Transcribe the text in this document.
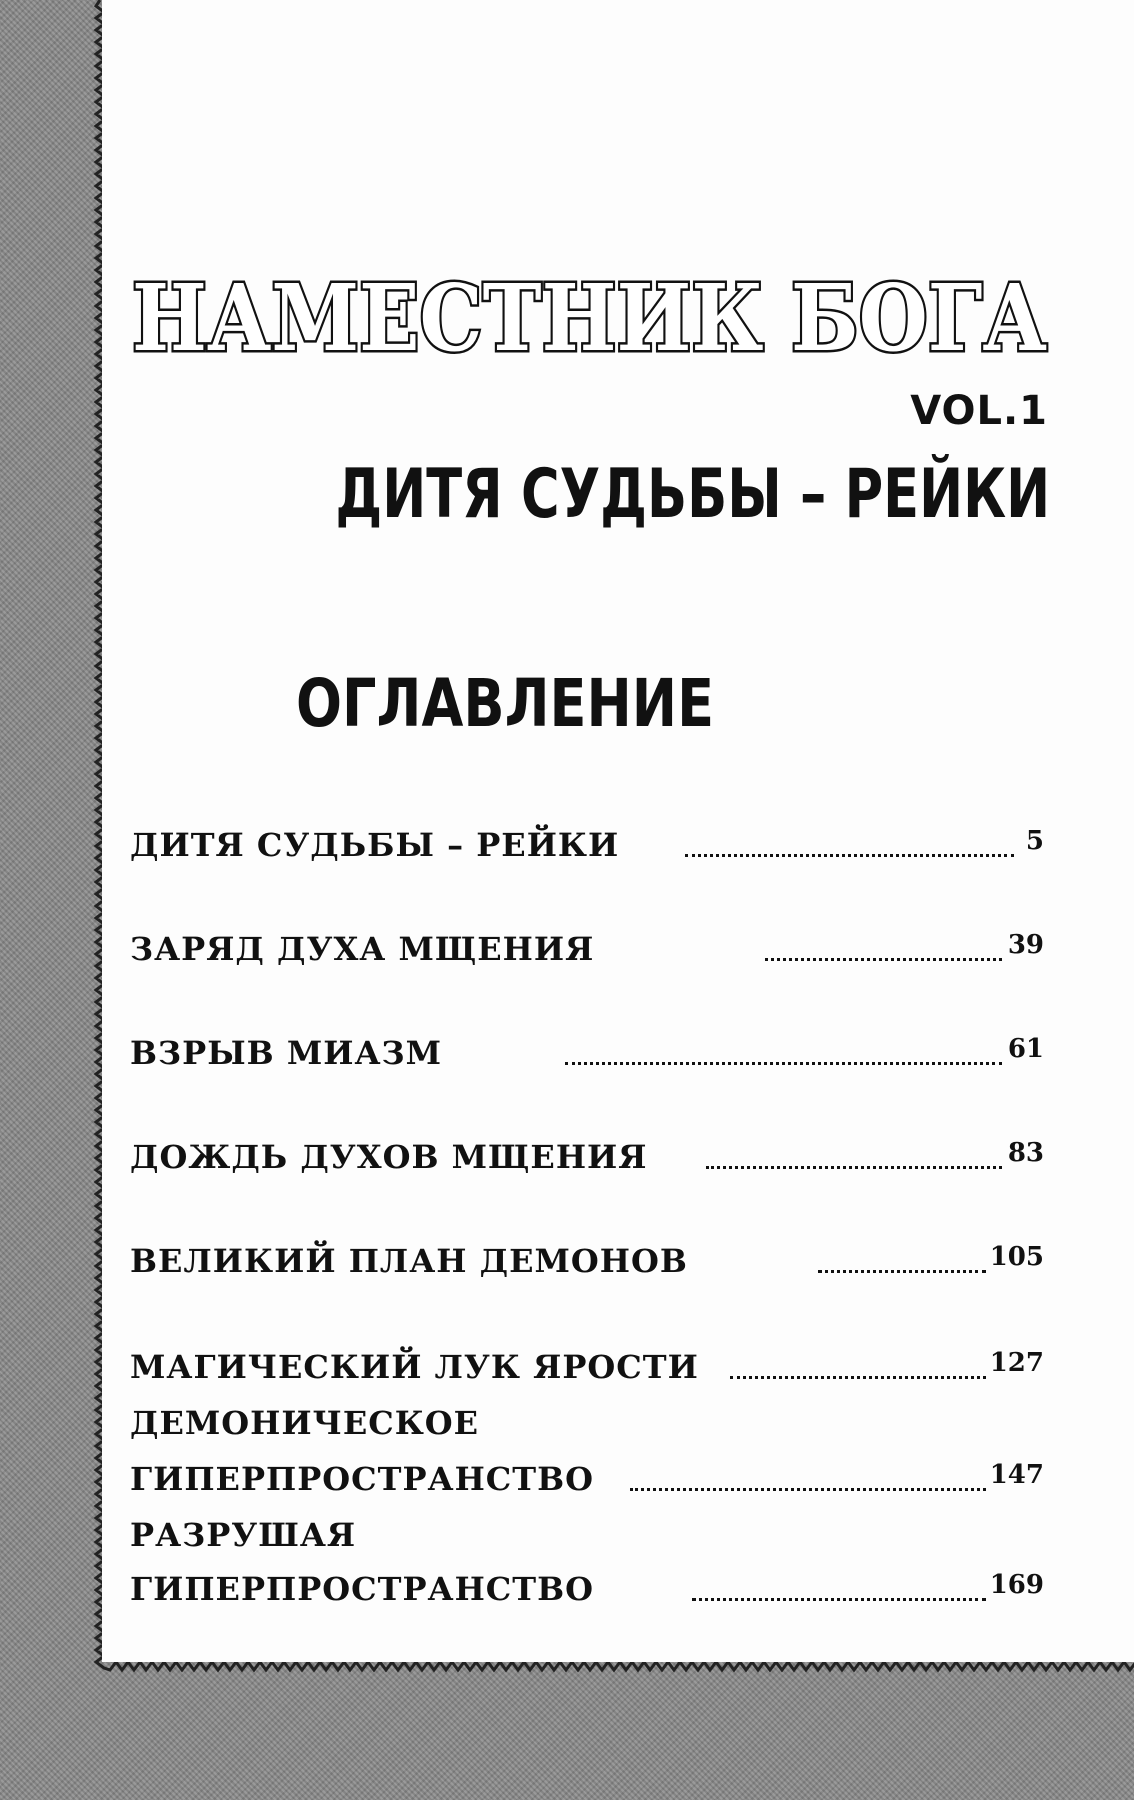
НАМЕСТНИК БОГА
VOL.1
ДИТЯ СУДЬБЫ – РЕЙКИ
ОГЛАВЛЕНИЕ
ДИТЯ СУДЬБЫ – РЕЙКИ	5
ЗАРЯД ДУХА МЩЕНИЯ	39
ВЗРЫВ МИАЗМ	61
ДОЖДЬ ДУХОВ МЩЕНИЯ	83
ВЕЛИКИЙ ПЛАН ДЕМОНОВ	105
МАГИЧЕСКИЙ ЛУК ЯРОСТИ	127
ДЕМОНИЧЕСКОЕ
ГИПЕРПРОСТРАНСТВО	147
РАЗРУШАЯ
ГИПЕРПРОСТРАНСТВО	169
